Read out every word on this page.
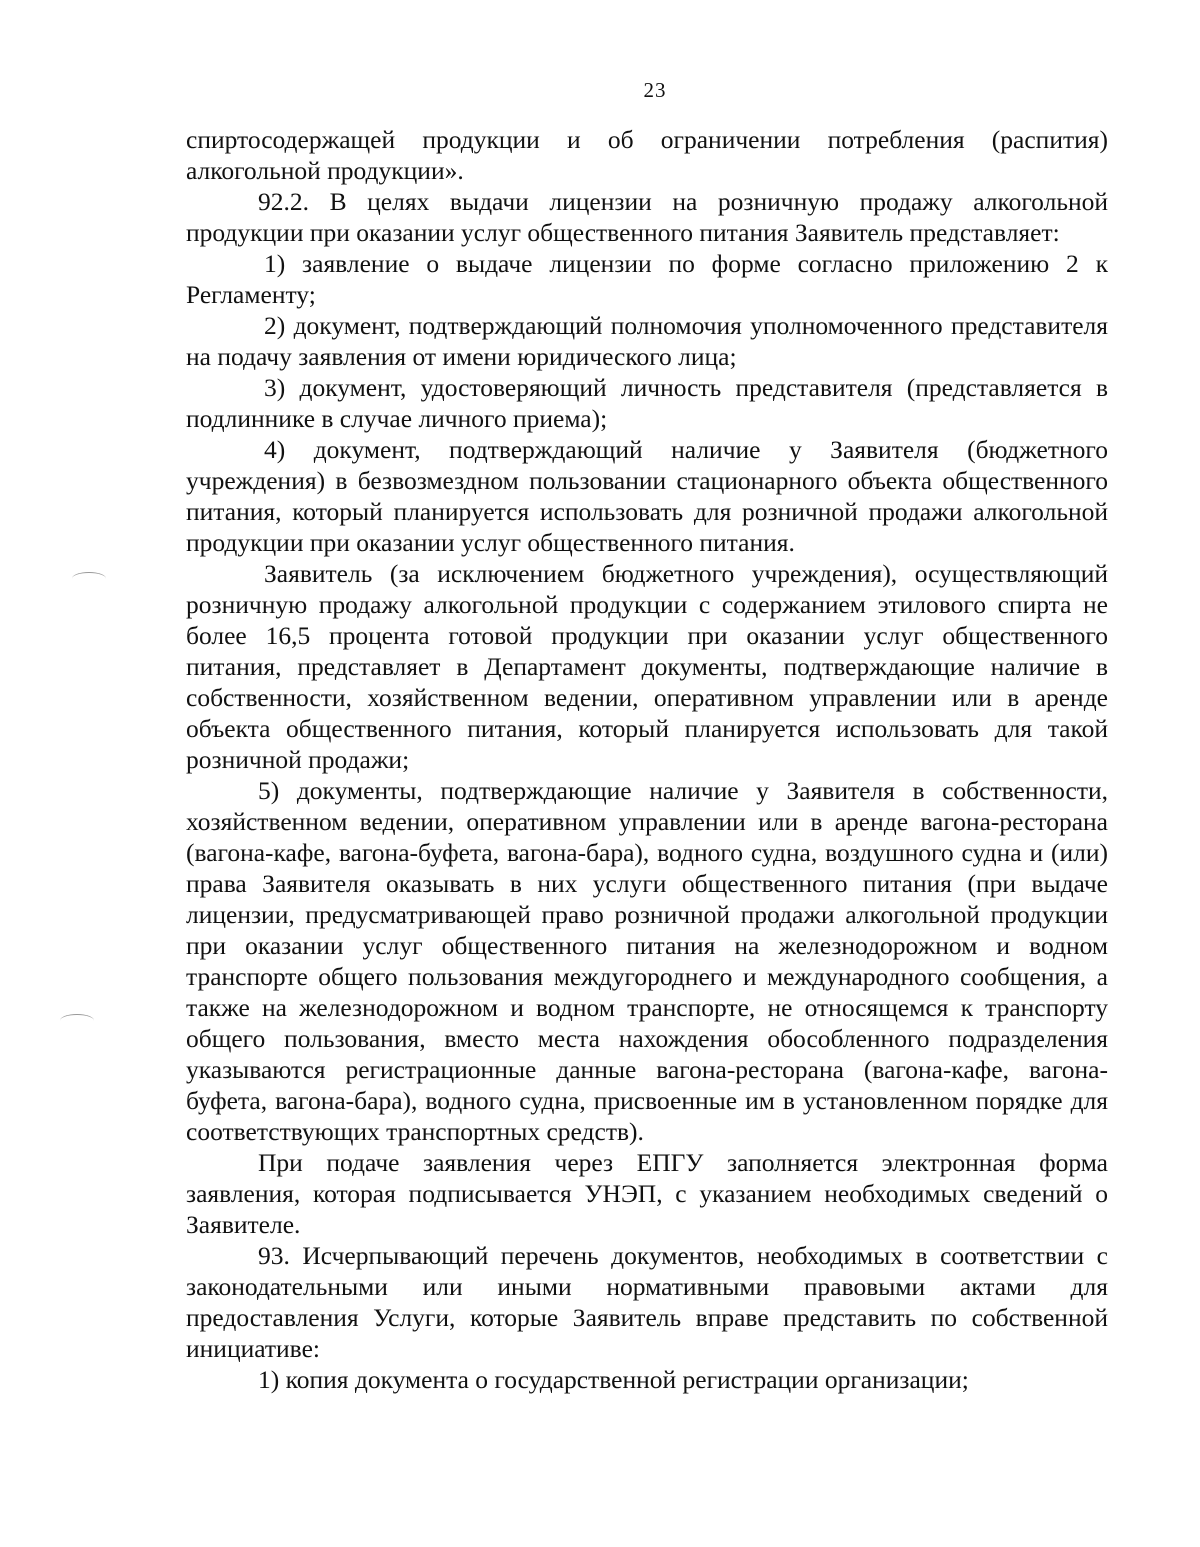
23

спиртосодержащей продукции и об ограничении потребления (распития) алкогольной продукции».

92.2. В целях выдачи лицензии на розничную продажу алкогольной продукции при оказании услуг общественного питания Заявитель представляет:

1) заявление о выдаче лицензии по форме согласно приложению 2 к Регламенту;

2) документ, подтверждающий полномочия уполномоченного представителя на подачу заявления от имени юридического лица;

3) документ, удостоверяющий личность представителя (представляется в подлиннике в случае личного приема);

4) документ, подтверждающий наличие у Заявителя (бюджетного учреждения) в безвозмездном пользовании стационарного объекта общественного питания, который планируется использовать для розничной продажи алкогольной продукции при оказании услуг общественного питания.

Заявитель (за исключением бюджетного учреждения), осуществляющий розничную продажу алкогольной продукции с содержанием этилового спирта не более 16,5 процента готовой продукции при оказании услуг общественного питания, представляет в Департамент документы, подтверждающие наличие в собственности, хозяйственном ведении, оперативном управлении или в аренде объекта общественного питания, который планируется использовать для такой розничной продажи;

5) документы, подтверждающие наличие у Заявителя в собственности, хозяйственном ведении, оперативном управлении или в аренде вагона-ресторана (вагона-кафе, вагона-буфета, вагона-бара), водного судна, воздушного судна и (или) права Заявителя оказывать в них услуги общественного питания (при выдаче лицензии, предусматривающей право розничной продажи алкогольной продукции при оказании услуг общественного питания на железнодорожном и водном транспорте общего пользования междугороднего и международного сообщения, а также на железнодорожном и водном транспорте, не относящемся к транспорту общего пользования, вместо места нахождения обособленного подразделения указываются регистрационные данные вагона-ресторана (вагона-кафе, вагона-буфета, вагона-бара), водного судна, присвоенные им в установленном порядке для соответствующих транспортных средств).

При подаче заявления через ЕПГУ заполняется электронная форма заявления, которая подписывается УНЭП, с указанием необходимых сведений о Заявителе.

93. Исчерпывающий перечень документов, необходимых в соответствии с законодательными или иными нормативными правовыми актами для предоставления Услуги, которые Заявитель вправе представить по собственной инициативе:

1) копия документа о государственной регистрации организации;
